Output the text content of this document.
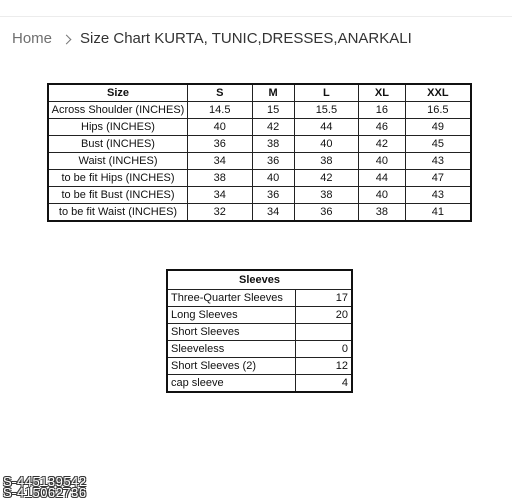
Home Size Chart KURTA, TUNIC,DRESSES,ANARKALI
Size	S	M	L	XL	XXL
Across Shoulder (INCHES)	14.5	15	15.5	16	16.5
Hips (INCHES)	40	42	44	46	49
Bust (INCHES)	36	38	40	42	45
Waist (INCHES)	34	36	38	40	43
to be fit Hips (INCHES)	38	40	42	44	47
to be fit Bust (INCHES)	34	36	38	40	43
to be fit Waist (INCHES)	32	34	36	38	41
Sleeves	
Three-Quarter Sleeves	17
Long Sleeves	20
Short Sleeves	
Sleeveless	0
Short Sleeves (2)	12
cap sleeve	4
S-445139542
S-415062736
